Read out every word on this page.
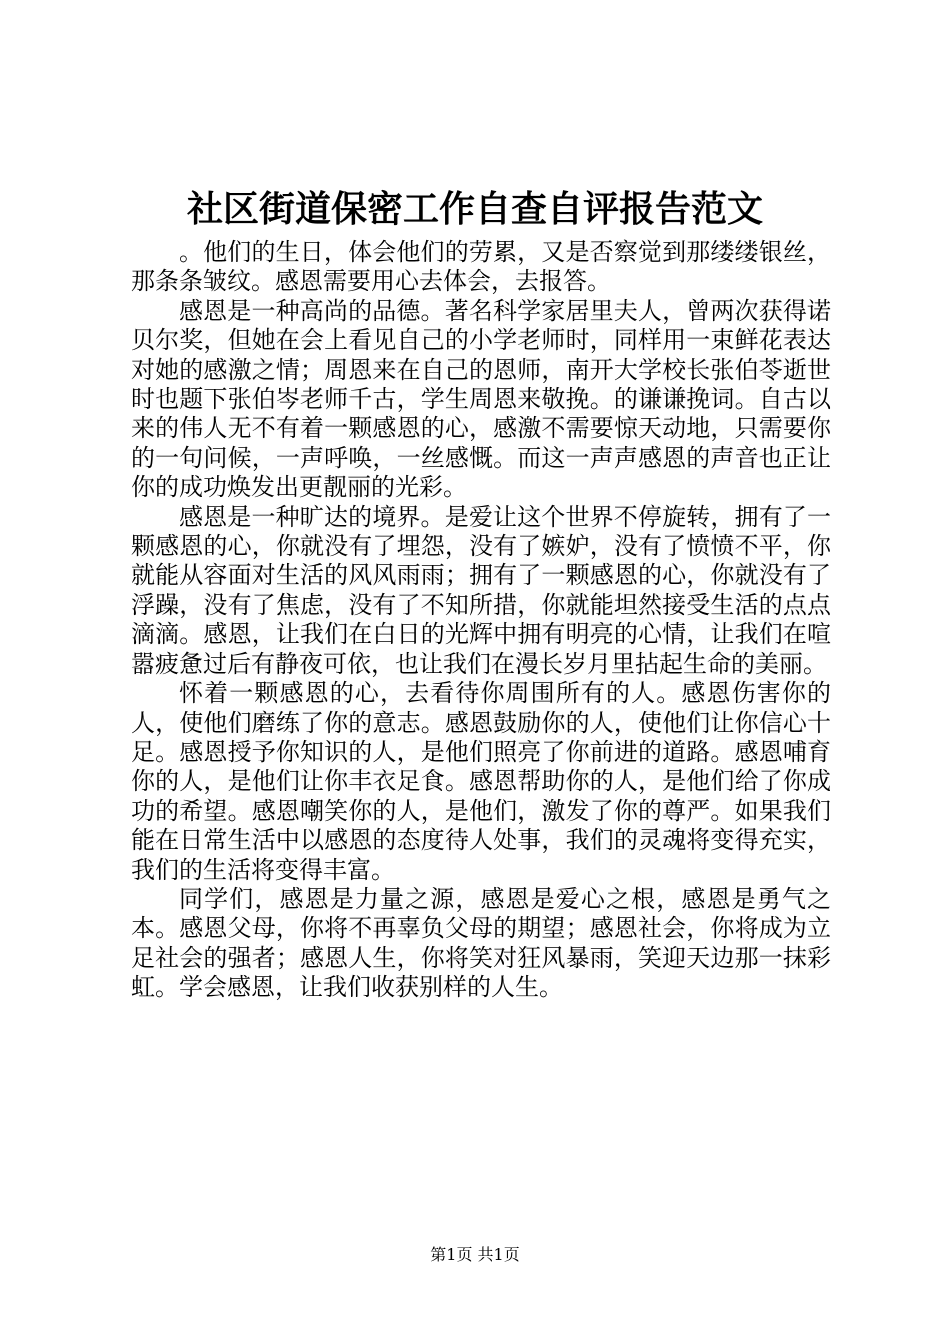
社区街道保密工作自查自评报告范文

。他们的生日，体会他们的劳累，又是否察觉到那缕缕银丝，那条条皱纹。感恩需要用心去体会，去报答。

感恩是一种高尚的品德。著名科学家居里夫人，曾两次获得诺贝尔奖，但她在会上看见自己的小学老师时，同样用一束鲜花表达对她的感激之情；周恩来在自己的恩师，南开大学校长张伯苓逝世时也题下张伯岑老师千古，学生周恩来敬挽。的谦谦挽词。自古以来的伟人无不有着一颗感恩的心，感激不需要惊天动地，只需要你的一句问候，一声呼唤，一丝感慨。而这一声声感恩的声音也正让你的成功焕发出更靓丽的光彩。

感恩是一种旷达的境界。是爱让这个世界不停旋转，拥有了一颗感恩的心，你就没有了埋怨，没有了嫉妒，没有了愤愤不平，你就能从容面对生活的风风雨雨；拥有了一颗感恩的心，你就没有了浮躁，没有了焦虑，没有了不知所措，你就能坦然接受生活的点点滴滴。感恩，让我们在白日的光辉中拥有明亮的心情，让我们在喧嚣疲惫过后有静夜可依，也让我们在漫长岁月里拈起生命的美丽。

怀着一颗感恩的心，去看待你周围所有的人。感恩伤害你的人，使他们磨练了你的意志。感恩鼓励你的人，使他们让你信心十足。感恩授予你知识的人，是他们照亮了你前进的道路。感恩哺育你的人，是他们让你丰衣足食。感恩帮助你的人，是他们给了你成功的希望。感恩嘲笑你的人，是他们，激发了你的尊严。如果我们能在日常生活中以感恩的态度待人处事，我们的灵魂将变得充实，我们的生活将变得丰富。

同学们，感恩是力量之源，感恩是爱心之根，感恩是勇气之本。感恩父母，你将不再辜负父母的期望；感恩社会，你将成为立足社会的强者；感恩人生，你将笑对狂风暴雨，笑迎天边那一抹彩虹。学会感恩，让我们收获别样的人生。

第1页 共1页
